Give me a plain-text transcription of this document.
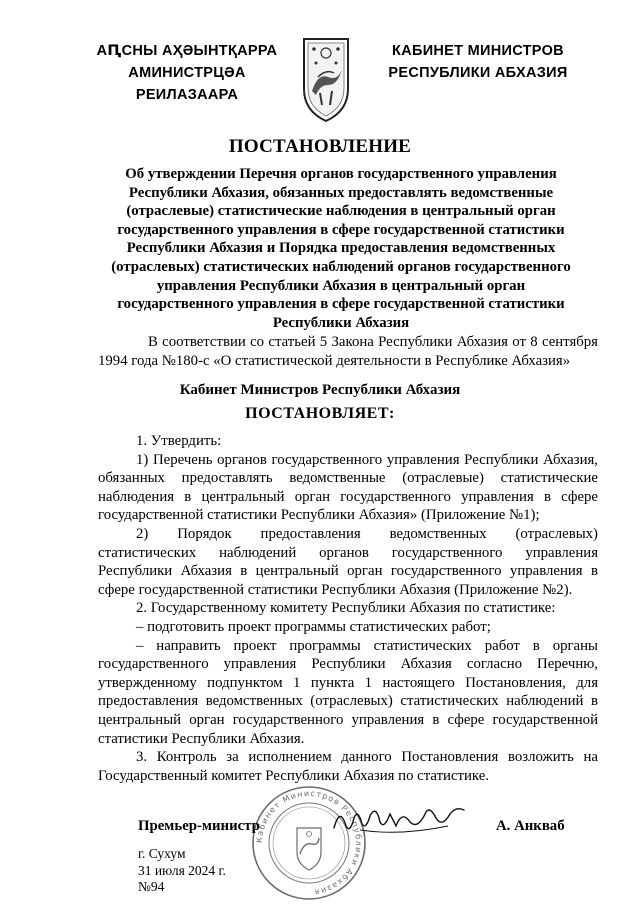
АԤСНЫ АҲӘЫНТҚАРРА
АМИНИСТРЦӘА РЕИЛАЗААРА
КАБИНЕТ МИНИСТРОВ
РЕСПУБЛИКИ АБХАЗИЯ
ПОСТАНОВЛЕНИЕ
Об утверждении Перечня органов государственного управления Республики Абхазия, обязанных предоставлять ведомственные (отраслевые) статистические наблюдения в центральный орган государственного управления в сфере государственной статистики Республики Абхазия и Порядка предоставления ведомственных (отраслевых) статистических наблюдений органов государственного управления Республики Абхазия в центральный орган государственного управления в сфере государственной статистики Республики Абхазия
В соответствии со статьей 5 Закона Республики Абхазия от 8 сентября 1994 года №180-с «О статистической деятельности в Республике Абхазия»
Кабинет Министров Республики Абхазия
ПОСТАНОВЛЯЕТ:

1. Утвердить:

1) Перечень органов государственного управления Республики Абхазия, обязанных предоставлять ведомственные (отраслевые) статистические наблюдения в центральный орган государственного управления в сфере государственной статистики Республики Абхазия» (Приложение №1);

2) Порядок предоставления ведомственных (отраслевых) статистических наблюдений органов государственного управления Республики Абхазия в центральный орган государственного управления в сфере государственной статистики Республики Абхазия (Приложение №2).

2. Государственному комитету Республики Абхазия по статистике:

– подготовить проект программы статистических работ;

– направить проект программы статистических работ в органы государственного управления Республики Абхазия согласно Перечню, утвержденному подпунктом 1 пункта 1 настоящего Постановления, для предоставления ведомственных (отраслевых) статистических наблюдений в центральный орган государственного управления в сфере государственной статистики Республики Абхазия.

3. Контроль за исполнением данного Постановления возложить на Государственный комитет Республики Абхазия по статистике.

Кабинет Министров Республики Абхазия
Премьер-министр	А. Анкваб
г. Сухум
31 июля 2024 г.
№94
